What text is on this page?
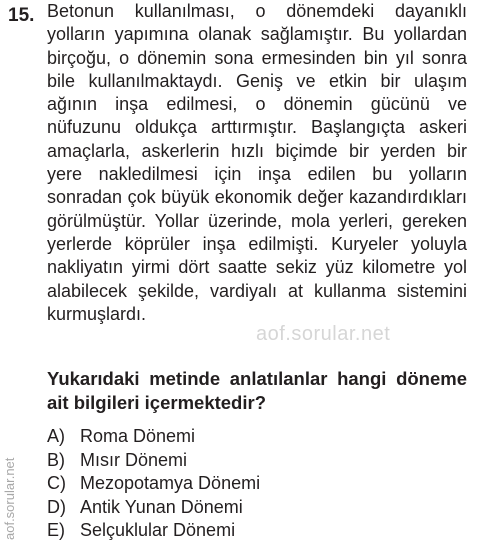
15. Betonun kullanılması, o dönemdeki dayanıklı yolların yapımına olanak sağlamıştır. Bu yollardan birçoğu, o dönemin sona ermesinden bin yıl sonra bile kullanılmaktaydı. Geniş ve etkin bir ulaşım ağının inşa edilmesi, o dönemin gücünü ve nüfuzunu oldukça arttırmıştır. Başlangıçta askeri amaçlarla, askerlerin hızlı biçimde bir yerden bir yere nakledilmesi için inşa edilen bu yolların sonradan çok büyük ekonomik değer kazandırdıkları görülmüştür. Yollar üzerinde, mola yerleri, gereken yerlerde köprüler inşa edilmişti. Kuryeler yoluyla nakliyatın yirmi dört saatte sekiz yüz kilometre yol alabilecek şekilde, vardiyalı at kullanma sistemini kurmuşlardı.

aof.sorular.net

Yukarıdaki metinde anlatılanlar hangi döneme ait bilgileri içermektedir?

A) Roma Dönemi
B) Mısır Dönemi
C) Mezopotamya Dönemi
D) Antik Yunan Dönemi
E) Selçuklular Dönemi
aof.sorular.net
